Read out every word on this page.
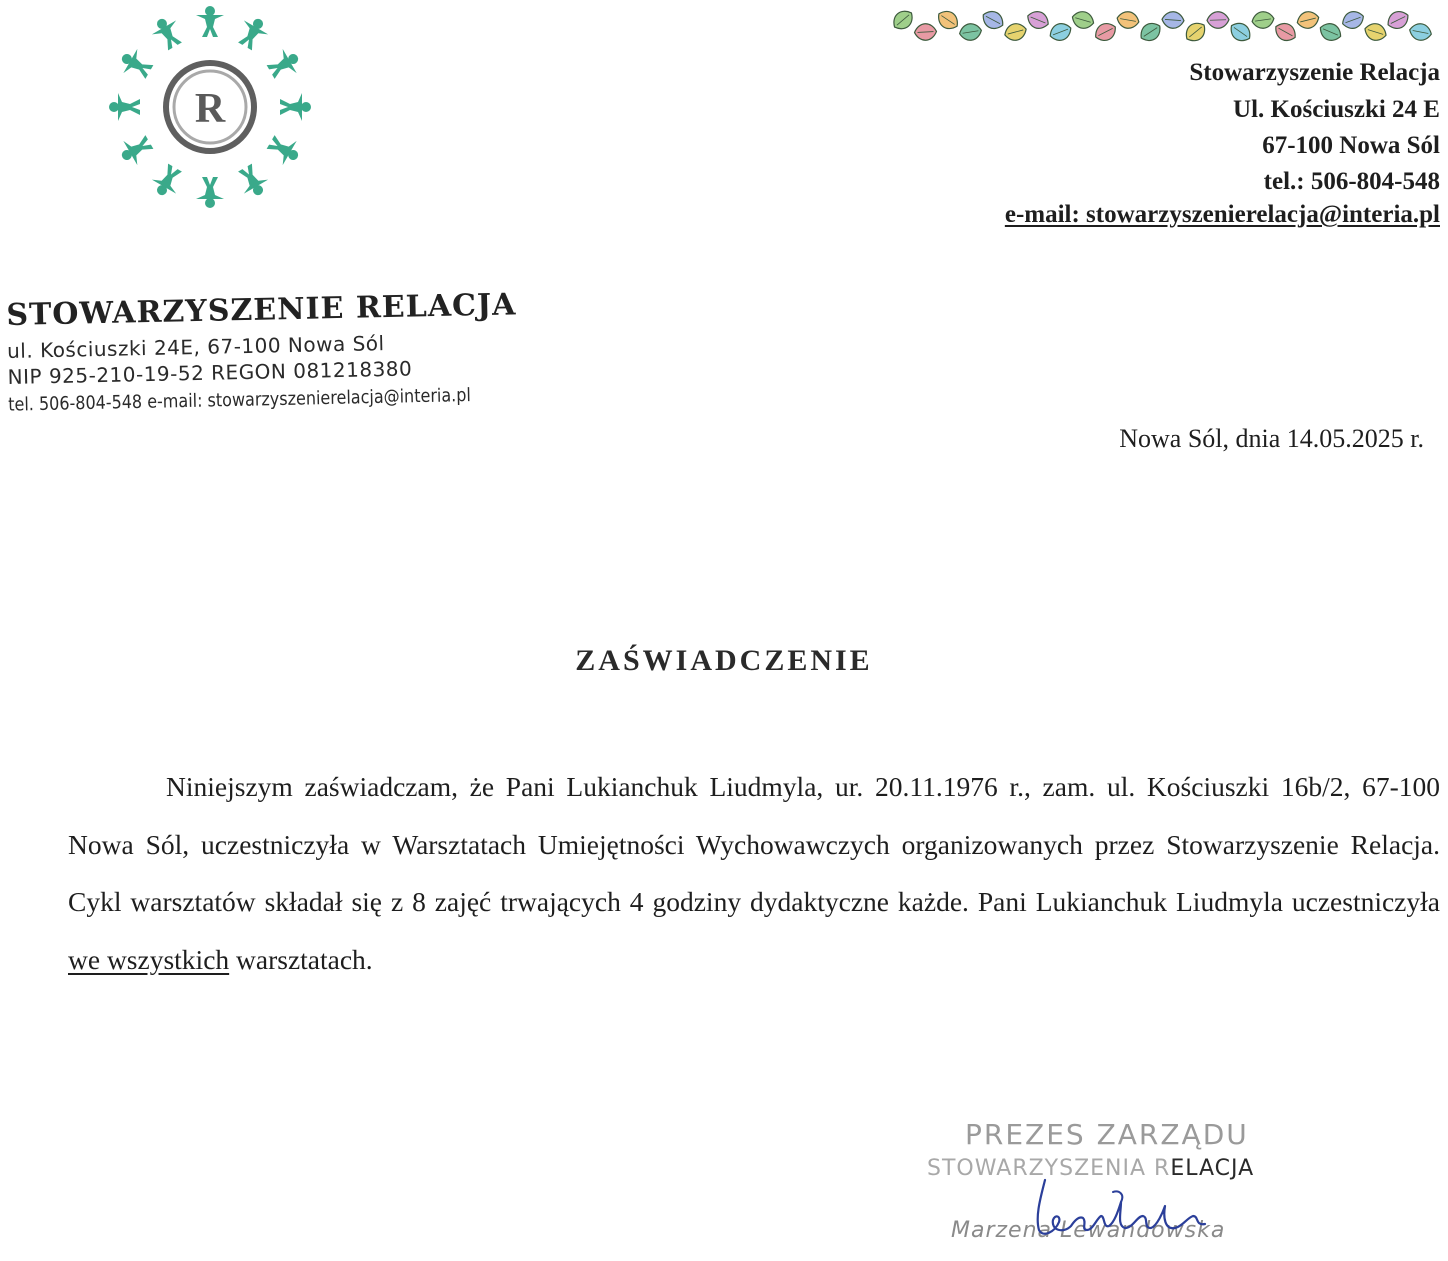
R
Stowarzyszenie Relacja
Ul. Kościuszki 24 E
67-100 Nowa Sól
tel.: 506-804-548
e-mail: stowarzyszenierelacja@interia.pl
STOWARZYSZENIE RELACJA
ul. Kościuszki 24E, 67-100 Nowa Sól
NIP 925-210-19-52 REGON 081218380
tel. 506-804-548 e-mail: stowarzyszenierelacja@interia.pl
Nowa Sól, dnia 14.05.2025 r.
ZAŚWIADCZENIE
Niniejszym zaświadczam, że Pani Lukianchuk Liudmyla, ur. 20.11.1976 r., zam. ul. Kościuszki 16b/2, 67-100 Nowa Sól, uczestniczyła w Warsztatach Umiejętności Wychowawczych organizowanych przez Stowarzyszenie Relacja. Cykl warsztatów składał się z 8 zajęć trwających 4 godziny dydaktyczne każde. Pani Lukianchuk Liudmyla uczestniczyła we wszystkich warsztatach.
PREZES ZARZĄDU
STOWARZYSZENIA RELACJA
Marzena Lewandowska
